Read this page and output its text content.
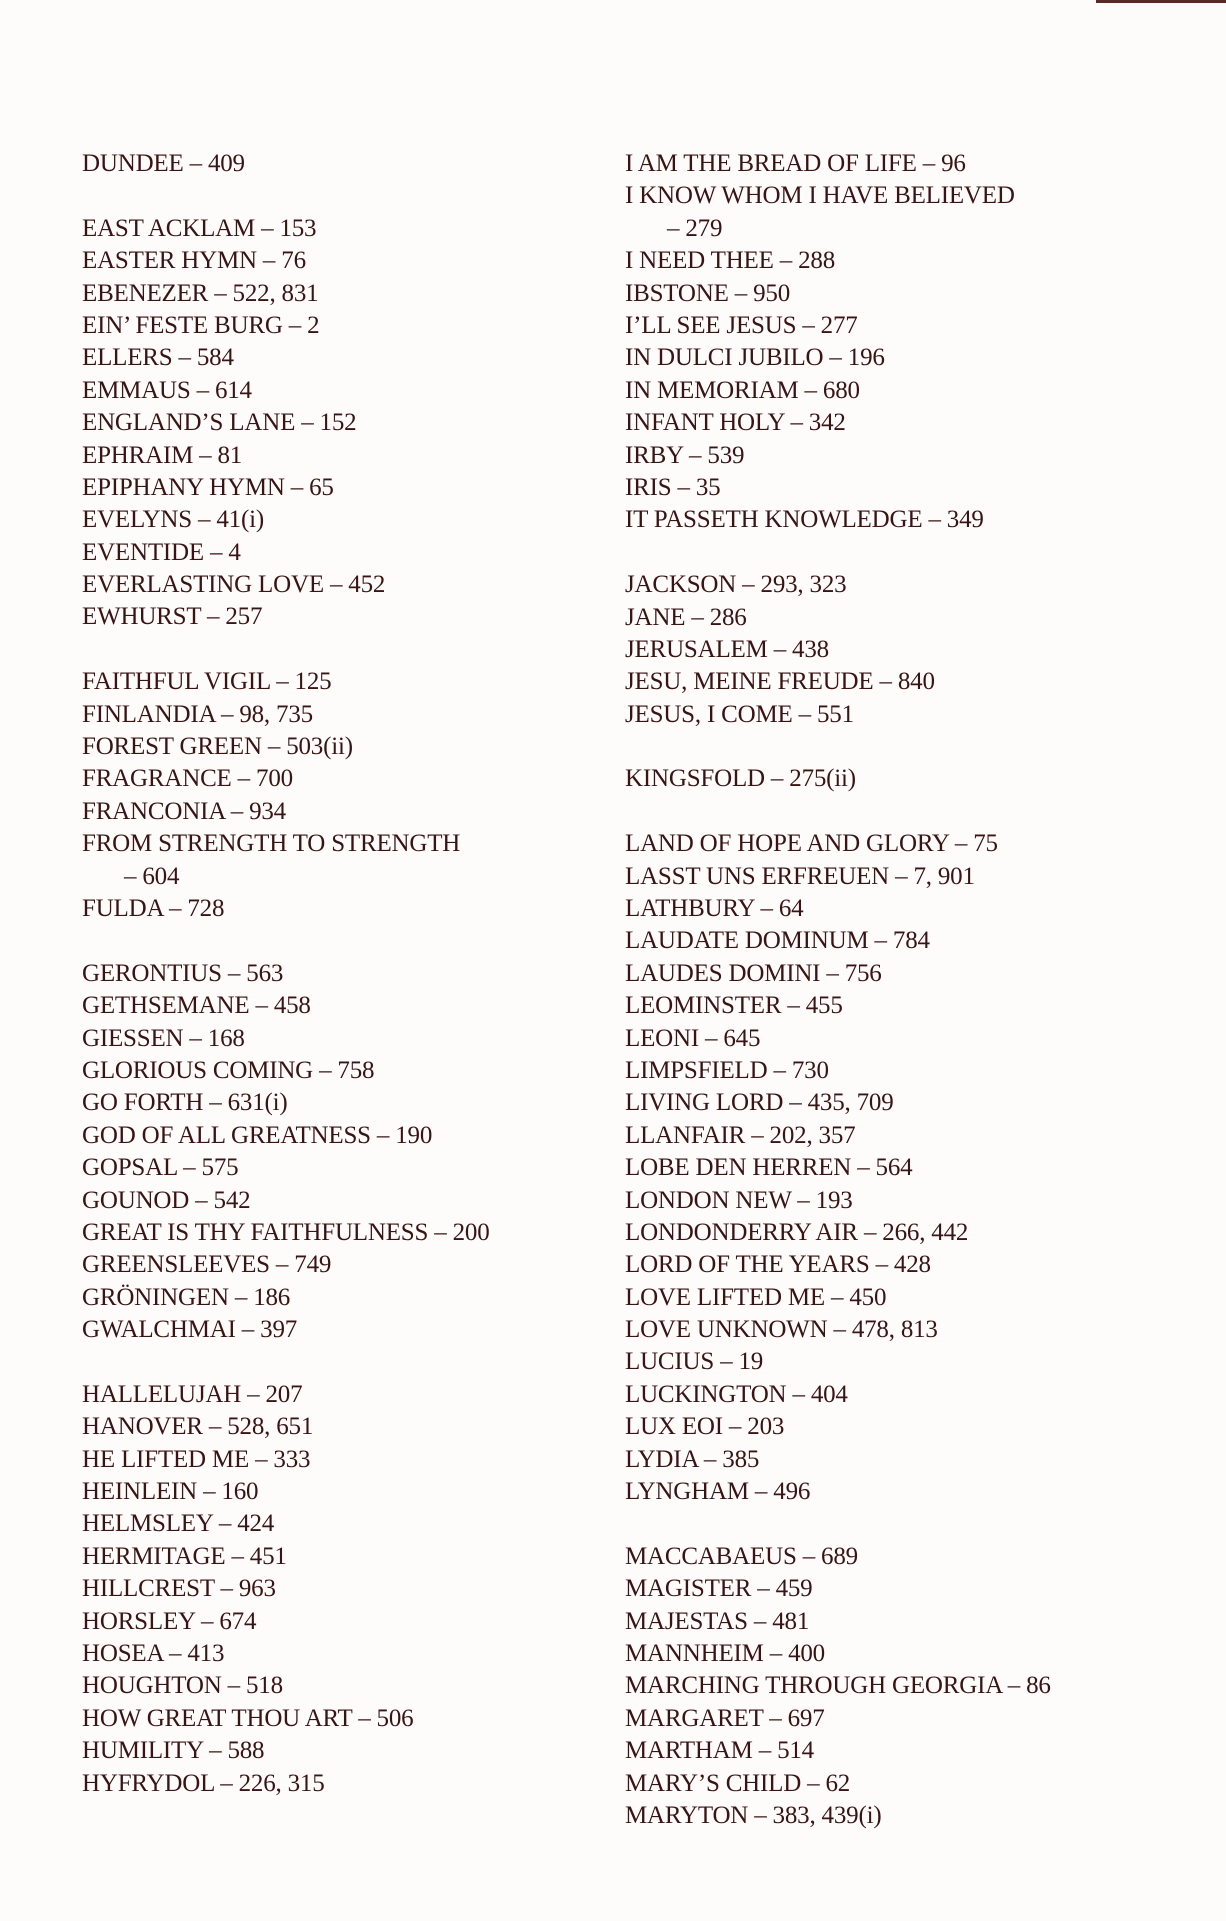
DUNDEE – 409
EAST ACKLAM – 153
EASTER HYMN – 76
EBENEZER – 522, 831
EIN’ FESTE BURG – 2
ELLERS – 584
EMMAUS – 614
ENGLAND’S LANE – 152
EPHRAIM – 81
EPIPHANY HYMN – 65
EVELYNS – 41(i)
EVENTIDE – 4
EVERLASTING LOVE – 452
EWHURST – 257
FAITHFUL VIGIL – 125
FINLANDIA – 98, 735
FOREST GREEN – 503(ii)
FRAGRANCE – 700
FRANCONIA – 934
FROM STRENGTH TO STRENGTH
– 604
FULDA – 728
GERONTIUS – 563
GETHSEMANE – 458
GIESSEN – 168
GLORIOUS COMING – 758
GO FORTH – 631(i)
GOD OF ALL GREATNESS – 190
GOPSAL – 575
GOUNOD – 542
GREAT IS THY FAITHFULNESS – 200
GREENSLEEVES – 749
GRÖNINGEN – 186
GWALCHMAI – 397
HALLELUJAH – 207
HANOVER – 528, 651
HE LIFTED ME – 333
HEINLEIN – 160
HELMSLEY – 424
HERMITAGE – 451
HILLCREST – 963
HORSLEY – 674
HOSEA – 413
HOUGHTON – 518
HOW GREAT THOU ART – 506
HUMILITY – 588
HYFRYDOL – 226, 315
I AM THE BREAD OF LIFE – 96
I KNOW WHOM I HAVE BELIEVED
– 279
I NEED THEE – 288
IBSTONE – 950
I’LL SEE JESUS – 277
IN DULCI JUBILO – 196
IN MEMORIAM – 680
INFANT HOLY – 342
IRBY – 539
IRIS – 35
IT PASSETH KNOWLEDGE – 349
JACKSON – 293, 323
JANE – 286
JERUSALEM – 438
JESU, MEINE FREUDE – 840
JESUS, I COME – 551
KINGSFOLD – 275(ii)
LAND OF HOPE AND GLORY – 75
LASST UNS ERFREUEN – 7, 901
LATHBURY – 64
LAUDATE DOMINUM – 784
LAUDES DOMINI – 756
LEOMINSTER – 455
LEONI – 645
LIMPSFIELD – 730
LIVING LORD – 435, 709
LLANFAIR – 202, 357
LOBE DEN HERREN – 564
LONDON NEW – 193
LONDONDERRY AIR – 266, 442
LORD OF THE YEARS – 428
LOVE LIFTED ME – 450
LOVE UNKNOWN – 478, 813
LUCIUS – 19
LUCKINGTON – 404
LUX EOI – 203
LYDIA – 385
LYNGHAM – 496
MACCABAEUS – 689
MAGISTER – 459
MAJESTAS – 481
MANNHEIM – 400
MARCHING THROUGH GEORGIA – 86
MARGARET – 697
MARTHAM – 514
MARY’S CHILD – 62
MARYTON – 383, 439(i)
